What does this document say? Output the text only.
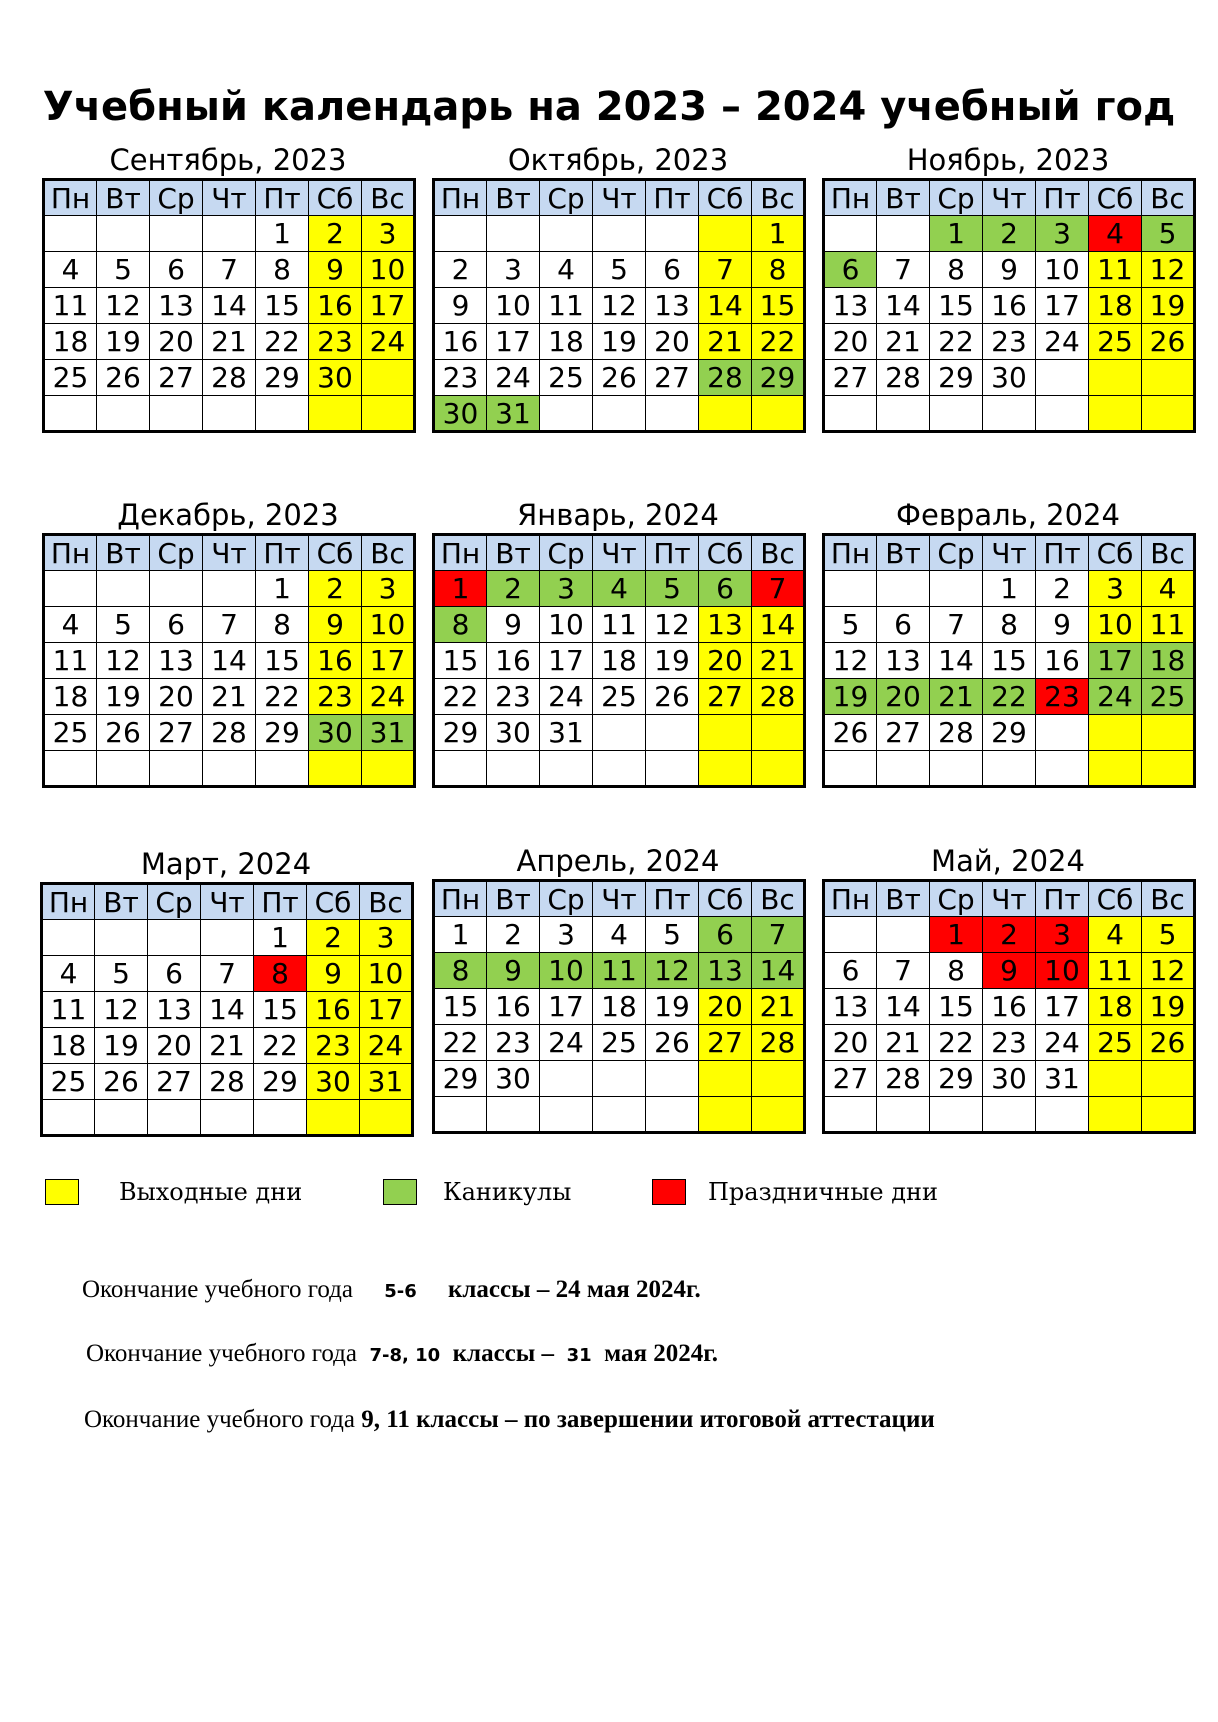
Учебный календарь на 2023 – 2024 учебный год
Сентябрь, 2023
Пн	Вт	Ср	Чт	Пт	Сб	Вс
				1	2	3
4	5	6	7	8	9	10
11	12	13	14	15	16	17
18	19	20	21	22	23	24
25	26	27	28	29	30	

Октябрь, 2023
Пн	Вт	Ср	Чт	Пт	Сб	Вс
						1
2	3	4	5	6	7	8
9	10	11	12	13	14	15
16	17	18	19	20	21	22
23	24	25	26	27	28	29
30	31					
Ноябрь, 2023
Пн	Вт	Ср	Чт	Пт	Сб	Вс
		1	2	3	4	5
6	7	8	9	10	11	12
13	14	15	16	17	18	19
20	21	22	23	24	25	26
27	28	29	30			

Декабрь, 2023
Пн	Вт	Ср	Чт	Пт	Сб	Вс
				1	2	3
4	5	6	7	8	9	10
11	12	13	14	15	16	17
18	19	20	21	22	23	24
25	26	27	28	29	30	31

Январь, 2024
Пн	Вт	Ср	Чт	Пт	Сб	Вс
1	2	3	4	5	6	7
8	9	10	11	12	13	14
15	16	17	18	19	20	21
22	23	24	25	26	27	28
29	30	31				

Февраль, 2024
Пн	Вт	Ср	Чт	Пт	Сб	Вс
			1	2	3	4
5	6	7	8	9	10	11
12	13	14	15	16	17	18
19	20	21	22	23	24	25
26	27	28	29			

Март, 2024
Пн	Вт	Ср	Чт	Пт	Сб	Вс
				1	2	3
4	5	6	7	8	9	10
11	12	13	14	15	16	17
18	19	20	21	22	23	24
25	26	27	28	29	30	31

Апрель, 2024
Пн	Вт	Ср	Чт	Пт	Сб	Вс
1	2	3	4	5	6	7
8	9	10	11	12	13	14
15	16	17	18	19	20	21
22	23	24	25	26	27	28
29	30					

Май, 2024
Пн	Вт	Ср	Чт	Пт	Сб	Вс
		1	2	3	4	5
6	7	8	9	10	11	12
13	14	15	16	17	18	19
20	21	22	23	24	25	26
27	28	29	30	31		

Выходные дни	Каникулы	Праздничные дни
Окончание учебного года 5-6 классы – 24 мая 2024г.
Окончание учебного года 7-8, 10 классы – 31 мая 2024г.
Окончание учебного года 9, 11 классы – по завершении итоговой аттестации
